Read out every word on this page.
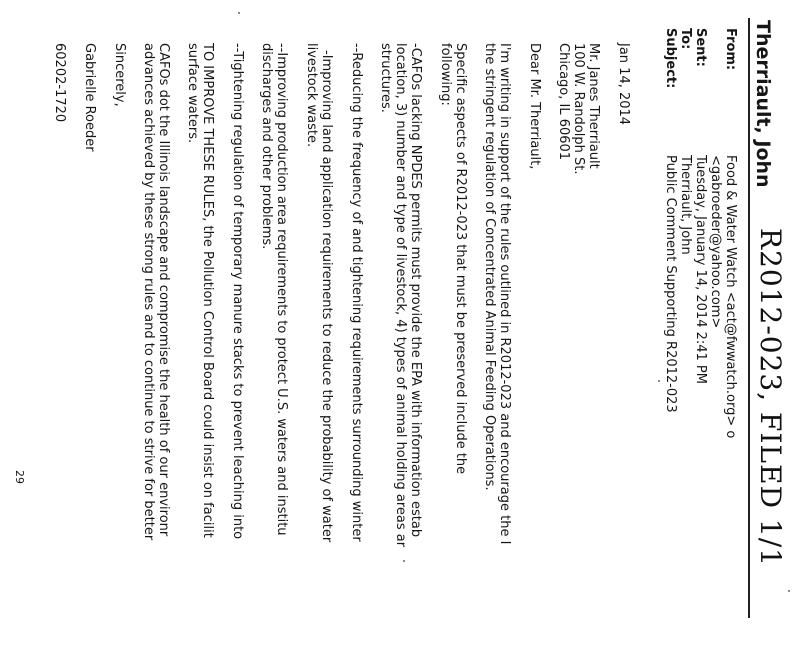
R2012-023, FILED 1/1
Therriault, John
From:
Food & Water Watch <act@fwwatch.org> o
<gabroeder@yahoo.com>
Sent:
Tuesday, January 14, 2014 2:41 PM
To:
Therriault, John
Subject:
Public Comment Supporting R2012-023
Jan 14, 2014
Mr. Janes Therriault
100 W. Randolph St.
Chicago, IL 60601
Dear Mr. Therriault,
I'm writing in support of the rules outlined in R2012-023 and encourage the I
the stringent regulation of Concentrated Animal Feeding Operations.
Specific aspects of R2012-023 that must be preserved include the
following:
-CAFOs lacking NPDES permits must provide the EPA with information estab
location, 3) number and type of livestock, 4) types of animal holding areas ar
structures.
--Reducing the frequency of and tightening requirements surrounding winter
-Improving land application requirements to reduce the probability of water
livestock waste.
--Improving production area requirements to protect U.S. waters and institu
discharges and other problems.
--Tightening regulation of temporary manure stacks to prevent leaching into
TO IMPROVE THESE RULES, the Pollution Control Board could insist on facilit
surface waters.
CAFOs dot the Illinois landscape and compromise the health of our environr
advances achieved by these strong rules and to continue to strive for better
Sincerely,
Gabrielle Roeder
60202-1720
29
